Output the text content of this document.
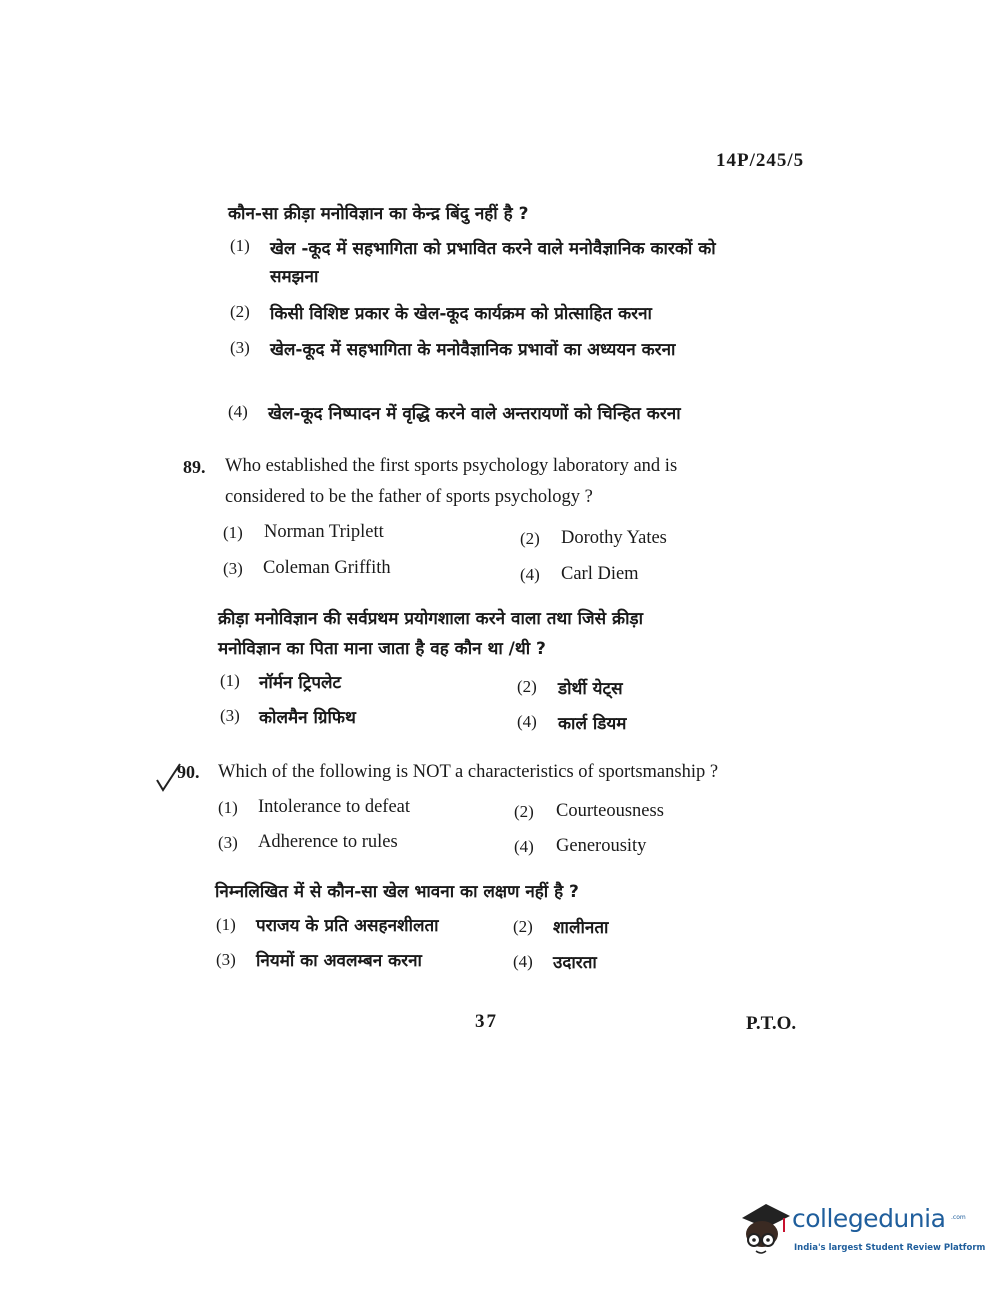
14P/245/5
कौन-सा क्रीड़ा मनोविज्ञान का केन्द्र बिंदु नहीं है ?
(1) खेल -कूद में सहभागिता को प्रभावित करने वाले मनोवैज्ञानिक कारकों को
समझना
(2) किसी विशिष्ट प्रकार के खेल-कूद कार्यक्रम को प्रोत्साहित करना
(3) खेल-कूद में सहभागिता के मनोवैज्ञानिक प्रभावों का अध्ययन करना
(4) खेल-कूद निष्पादन में वृद्धि करने वाले अन्तरायणों को चिन्हित करना
89. Who established the first sports psychology laboratory and is
considered to be the father of sports psychology ?
(1) Norman Triplett	(2) Dorothy Yates
(3) Coleman Griffith	(4) Carl Diem
क्रीड़ा मनोविज्ञान की सर्वप्रथम प्रयोगशाला करने वाला तथा जिसे क्रीड़ा
मनोविज्ञान का पिता माना जाता है वह कौन था /थी ?
(1) नॉर्मन ट्रिपलेट	(2) डोर्थी येट्स
(3) कोलमैन ग्रिफिथ	(4) कार्ल डियम
90. Which of the following is NOT a characteristics of sportsmanship ?
(1) Intolerance to defeat	(2) Courteousness
(3) Adherence to rules	(4) Generousity
निम्नलिखित में से कौन-सा खेल भावना का लक्षण नहीं है ?
(1) पराजय के प्रति असहनशीलता	(2) शालीनता
(3) नियमों का अवलम्बन करना	(4) उदारता
37	P.T.O.
collegedunia .com
India's largest Student Review Platform
